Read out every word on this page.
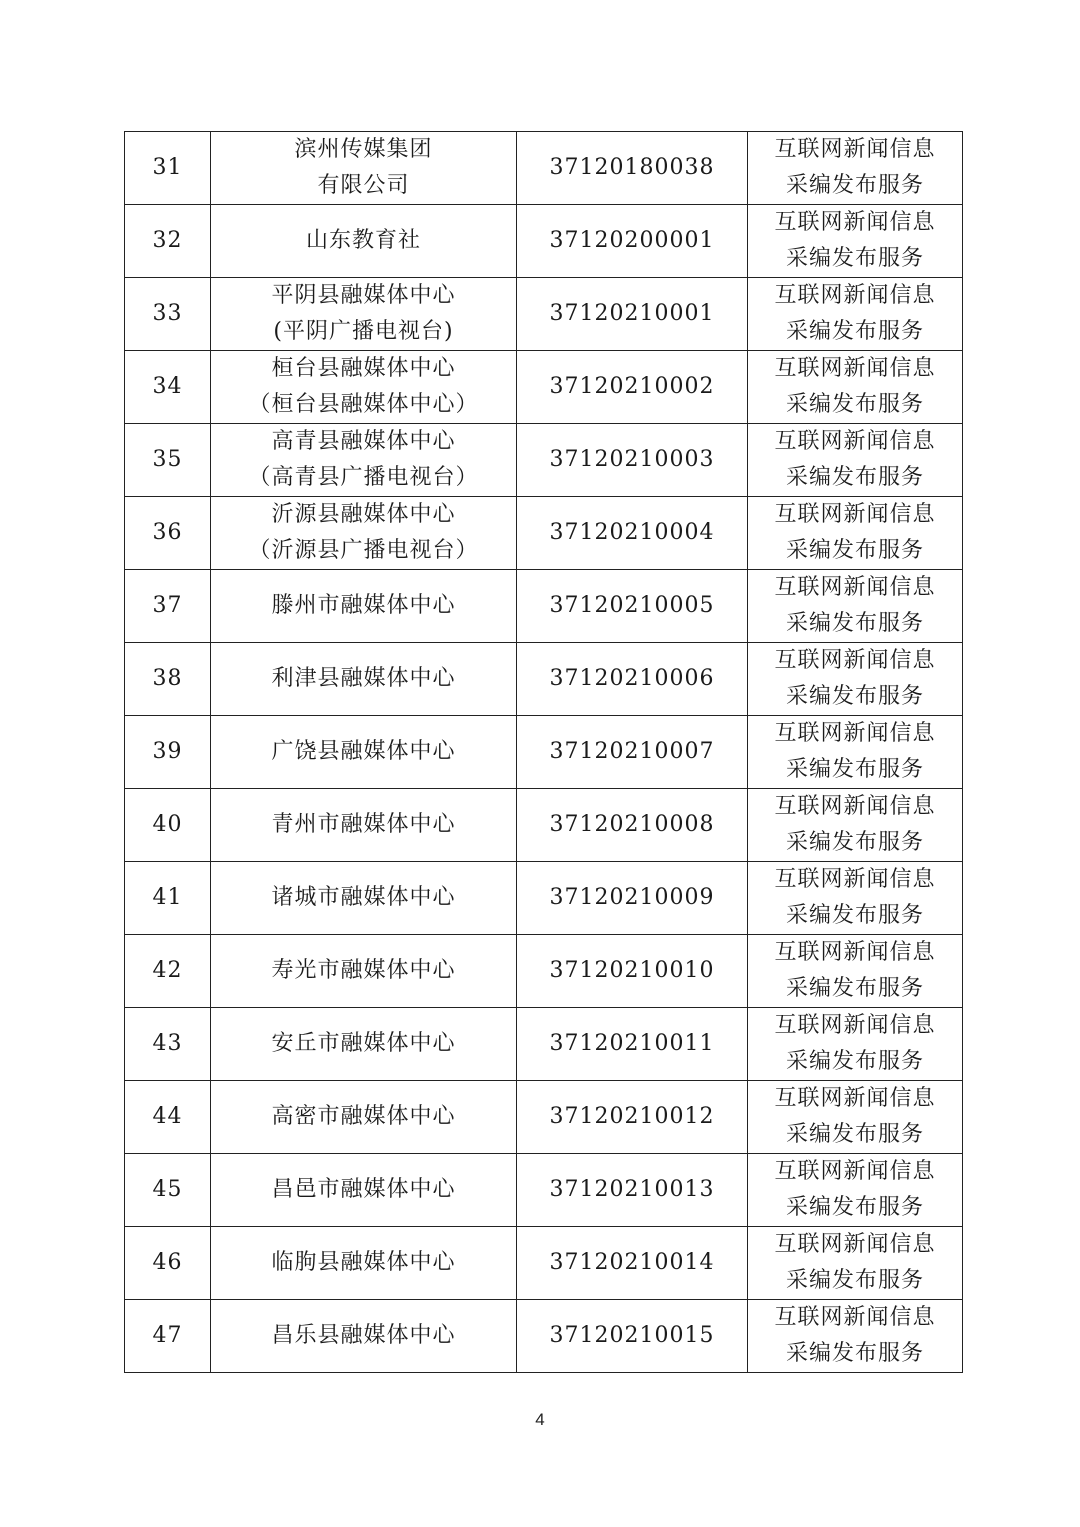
31	滨州传媒集团
有限公司	37120180038	互联网新闻信息
采编发布服务

32	山东教育社	37120200001	互联网新闻信息
采编发布服务

33	平阴县融媒体中心
(平阴广播电视台)	37120210001	互联网新闻信息
采编发布服务

34	桓台县融媒体中心
（桓台县融媒体中心）	37120210002	互联网新闻信息
采编发布服务

35	高青县融媒体中心
（高青县广播电视台）	37120210003	互联网新闻信息
采编发布服务

36	沂源县融媒体中心
（沂源县广播电视台）	37120210004	互联网新闻信息
采编发布服务

37	滕州市融媒体中心	37120210005	互联网新闻信息
采编发布服务

38	利津县融媒体中心	37120210006	互联网新闻信息
采编发布服务

39	广饶县融媒体中心	37120210007	互联网新闻信息
采编发布服务

40	青州市融媒体中心	37120210008	互联网新闻信息
采编发布服务

41	诸城市融媒体中心	37120210009	互联网新闻信息
采编发布服务

42	寿光市融媒体中心	37120210010	互联网新闻信息
采编发布服务

43	安丘市融媒体中心	37120210011	互联网新闻信息
采编发布服务

44	高密市融媒体中心	37120210012	互联网新闻信息
采编发布服务

45	昌邑市融媒体中心	37120210013	互联网新闻信息
采编发布服务

46	临朐县融媒体中心	37120210014	互联网新闻信息
采编发布服务

47	昌乐县融媒体中心	37120210015	互联网新闻信息
采编发布服务
4
